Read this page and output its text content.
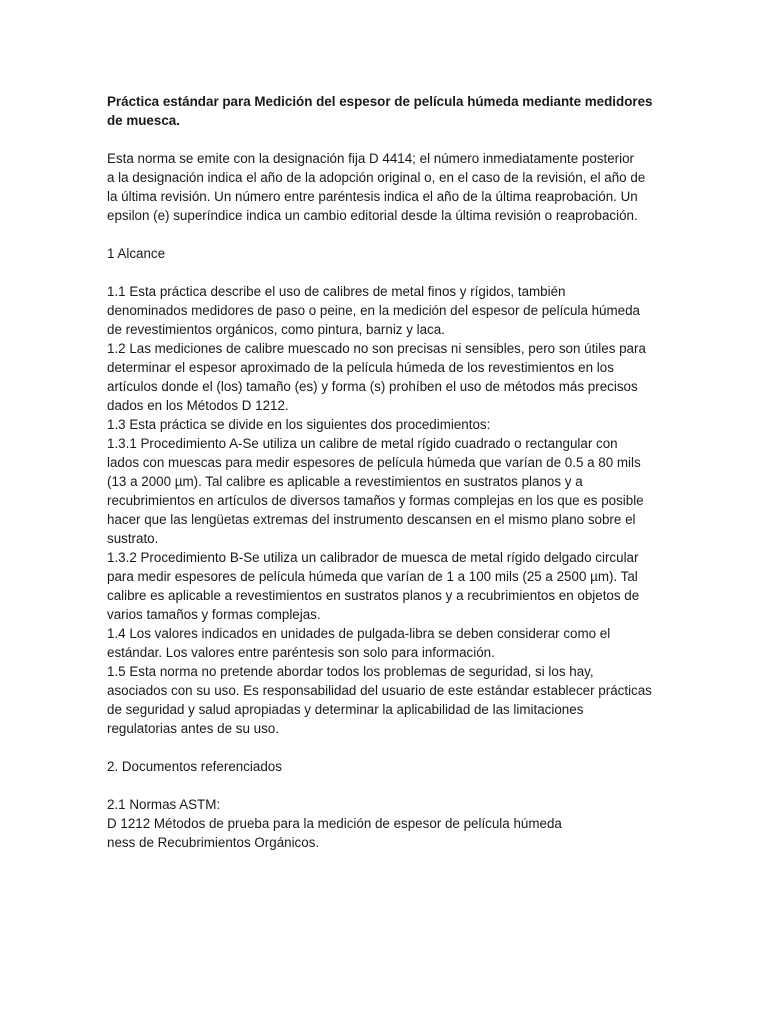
Práctica estándar para Medición del espesor de película húmeda mediante medidores
de muesca.

Esta norma se emite con la designación fija D 4414; el número inmediatamente posterior
a la designación indica el año de la adopción original o, en el caso de la revisión, el año de
la última revisión. Un número entre paréntesis indica el año de la última reaprobación. Un
epsilon (e) superíndice indica un cambio editorial desde la última revisión o reaprobación.

1 Alcance

1.1 Esta práctica describe el uso de calibres de metal finos y rígidos, también
denominados medidores de paso o peine, en la medición del espesor de película húmeda
de revestimientos orgánicos, como pintura, barniz y laca.
1.2 Las mediciones de calibre muescado no son precisas ni sensibles, pero son útiles para
determinar el espesor aproximado de la película húmeda de los revestimientos en los
artículos donde el (los) tamaño (es) y forma (s) prohíben el uso de métodos más precisos
dados en los Métodos D 1212.
1.3 Esta práctica se divide en los siguientes dos procedimientos:
1.3.1 Procedimiento A-Se utiliza un calibre de metal rígido cuadrado o rectangular con
lados con muescas para medir espesores de película húmeda que varían de 0.5 a 80 mils
(13 a 2000 µm). Tal calibre es aplicable a revestimientos en sustratos planos y a
recubrimientos en artículos de diversos tamaños y formas complejas en los que es posible
hacer que las lengüetas extremas del instrumento descansen en el mismo plano sobre el
sustrato.
1.3.2 Procedimiento B-Se utiliza un calibrador de muesca de metal rígido delgado circular
para medir espesores de película húmeda que varían de 1 a 100 mils (25 a 2500 µm). Tal
calibre es aplicable a revestimientos en sustratos planos y a recubrimientos en objetos de
varios tamaños y formas complejas.
1.4 Los valores indicados en unidades de pulgada-libra se deben considerar como el
estándar. Los valores entre paréntesis son solo para información.
1.5 Esta norma no pretende abordar todos los problemas de seguridad, si los hay,
asociados con su uso. Es responsabilidad del usuario de este estándar establecer prácticas
de seguridad y salud apropiadas y determinar la aplicabilidad de las limitaciones
regulatorias antes de su uso.

2. Documentos referenciados

2.1 Normas ASTM:
D 1212 Métodos de prueba para la medición de espesor de película húmeda
ness de Recubrimientos Orgánicos.
